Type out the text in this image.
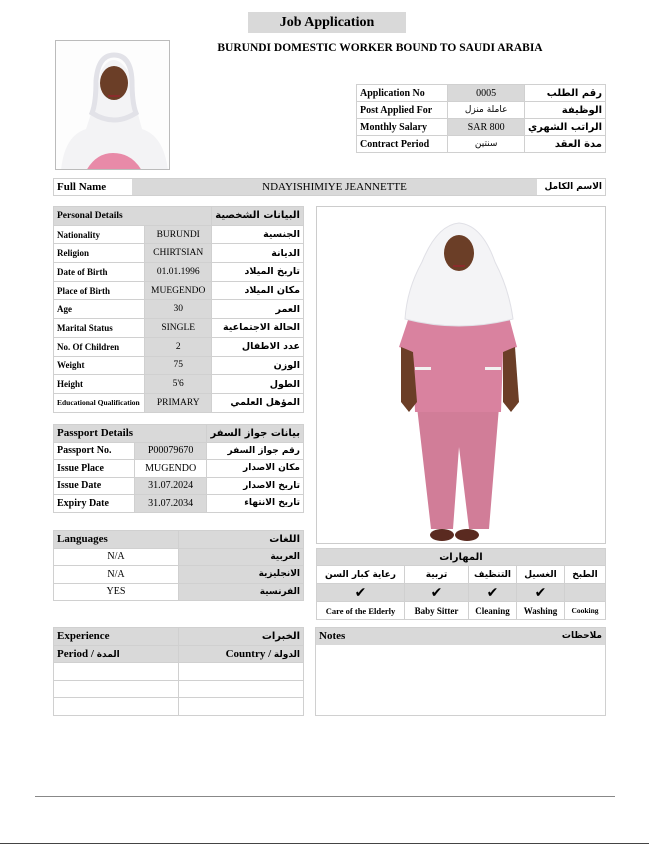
Job Application
BURUNDI DOMESTIC WORKER BOUND TO SAUDI ARABIA
Application No	0005	رقم الطلب
Post Applied For	عاملة منزل	الوظيفة
Monthly Salary	SAR 800	الراتب الشهري
Contract Period	سنتين	مدة العقد
Full Name	NDAYISHIMIYE JEANNETTE	الاسم الكامل
Personal Details		البيانات الشخصية
Nationality	BURUNDI	الجنسية
Religion	CHIRTSIAN	الديانة
Date of Birth	01.01.1996	تاريخ الميلاد
Place of Birth	MUEGENDO	مكان الميلاد
Age	30	العمر
Marital Status	SINGLE	الحالة الاجتماعية
No. Of Children	2	عدد الاطفال
Weight	75	الوزن
Height	5'6	الطول
Educational Qualification	PRIMARY	المؤهل العلمي
Passport Details		بيانات جواز السفر
Passport No.	P00079670	رقم جواز السفر
Issue Place	MUGENDO	مكان الاصدار
Issue Date	31.07.2024	تاريخ الاصدار
Expiry Date	31.07.2034	تاريخ الانتهاء
Languages	اللغات
N/A	العربية
N/A	الانجليزية
YES	الفرنسية
المهارات				
رعاية كبار السن	تربية	التنظيف	الغسيل	الطبخ
✔	✔	✔	✔	
Care of the Elderly	Baby Sitter	Cleaning	Washing	Cooking
Experience	الخبرات
Period / المدة	Country / الدولة

Notes	ملاحظات
